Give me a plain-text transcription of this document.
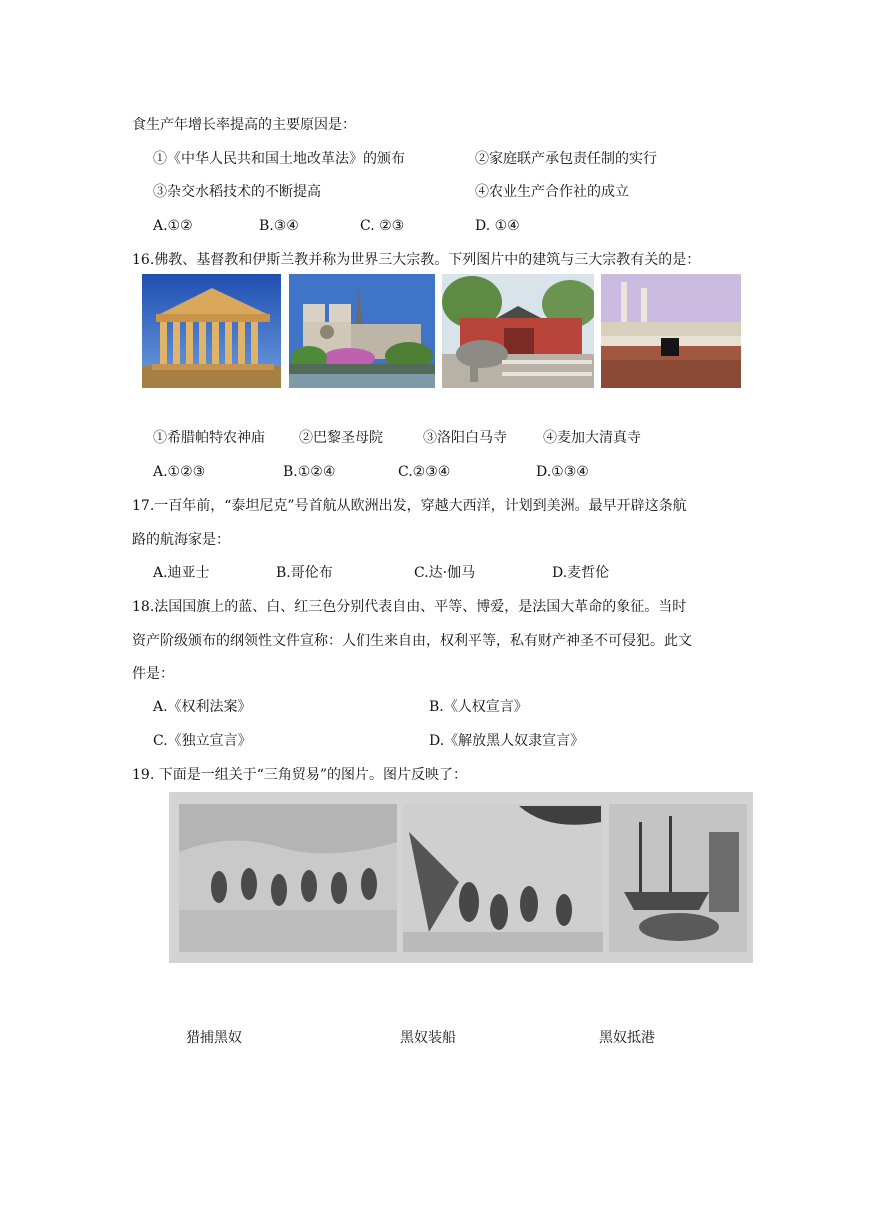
食生产年增长率提高的主要原因是：
①《中华人民共和国土地改革法》的颁布	②家庭联产承包责任制的实行
③杂交水稻技术的不断提高	④农业生产合作社的成立
A.①②	B.③④	C. ②③	D. ①④
16.佛教、基督教和伊斯兰教并称为世界三大宗教。下列图片中的建筑与三大宗教有关的是：
①希腊帕特农神庙 ②巴黎圣母院	③洛阳白马寺	④麦加大清真寺
A.①②③	B.①②④	C.②③④	D.①③④
17.一百年前，“泰坦尼克”号首航从欧洲出发，穿越大西洋，计划到美洲。最早开辟这条航
路的航海家是：
A.迪亚士	B.哥伦布	C.达·伽马	D.麦哲伦
18.法国国旗上的蓝、白、红三色分别代表自由、平等、博爱，是法国大革命的象征。当时
资产阶级颁布的纲领性文件宣称：人们生来自由，权利平等，私有财产神圣不可侵犯。此文
件是：
A.《权利法案》	B.《人权宣言》
C.《独立宣言》	D.《解放黑人奴隶宣言》
19. 下面是一组关于“三角贸易”的图片。图片反映了：
猎捕黑奴	黑奴装船	黑奴抵港
